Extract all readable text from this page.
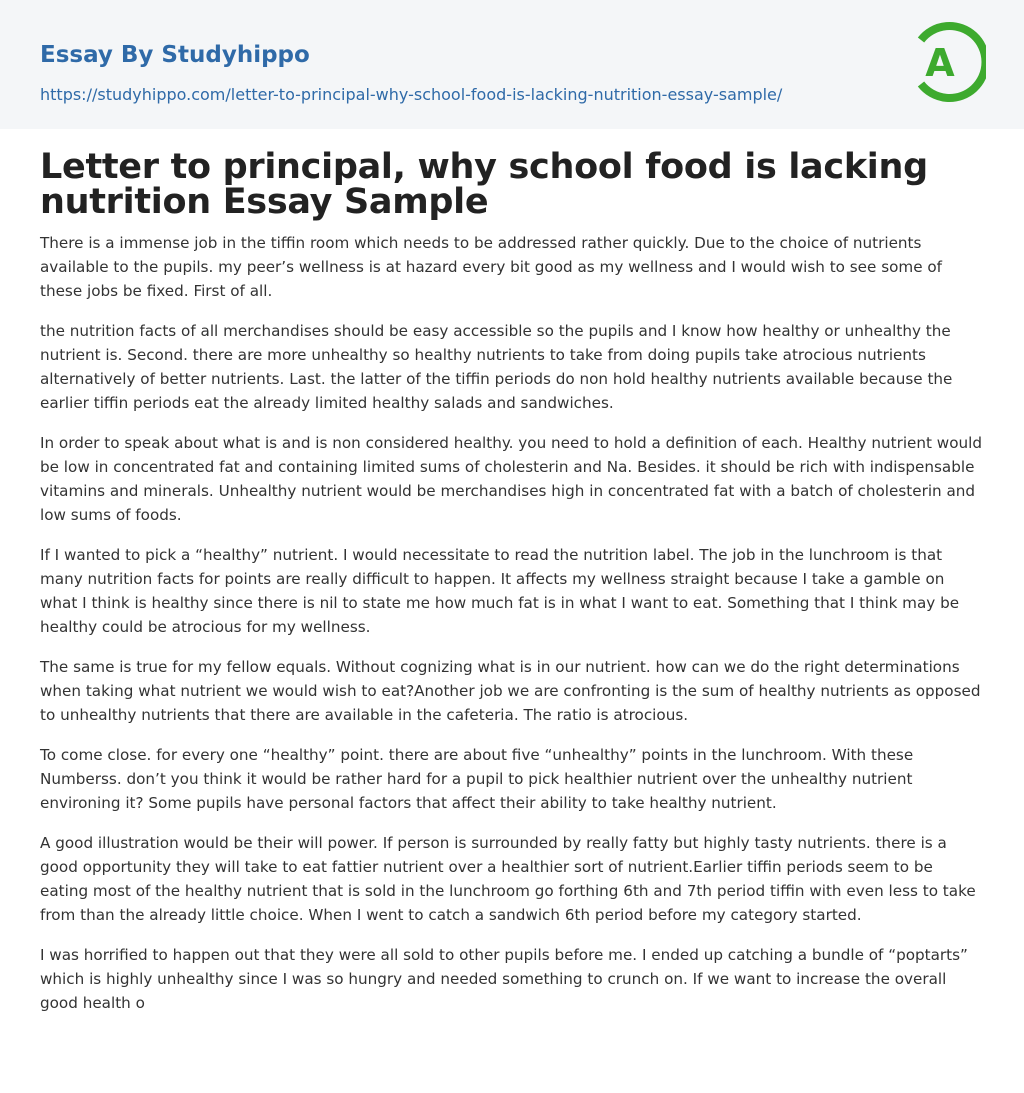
Essay By Studyhippo
https://studyhippo.com/letter-to-principal-why-school-food-is-lacking-nutrition-essay-sample/
A
Letter to principal, why school food is lacking nutrition Essay Sample

There is a immense job in the tiffin room which needs to be addressed rather quickly. Due to the choice of nutrients available to the pupils. my peer’s wellness is at hazard every bit good as my wellness and I would wish to see some of these jobs be fixed. First of all.

the nutrition facts of all merchandises should be easy accessible so the pupils and I know how healthy or unhealthy the nutrient is. Second. there are more unhealthy so healthy nutrients to take from doing pupils take atrocious nutrients alternatively of better nutrients. Last. the latter of the tiffin periods do non hold healthy nutrients available because the earlier tiffin periods eat the already limited healthy salads and sandwiches.

In order to speak about what is and is non considered healthy. you need to hold a definition of each. Healthy nutrient would be low in concentrated fat and containing limited sums of cholesterin and Na. Besides. it should be rich with indispensable vitamins and minerals. Unhealthy nutrient would be merchandises high in concentrated fat with a batch of cholesterin and low sums of foods.

If I wanted to pick a “healthy” nutrient. I would necessitate to read the nutrition label. The job in the lunchroom is that many nutrition facts for points are really difficult to happen. It affects my wellness straight because I take a gamble on what I think is healthy since there is nil to state me how much fat is in what I want to eat. Something that I think may be healthy could be atrocious for my wellness.

The same is true for my fellow equals. Without cognizing what is in our nutrient. how can we do the right determinations when taking what nutrient we would wish to eat?Another job we are confronting is the sum of healthy nutrients as opposed to unhealthy nutrients that there are available in the cafeteria. The ratio is atrocious.

To come close. for every one “healthy” point. there are about five “unhealthy” points in the lunchroom. With these Numberss. don’t you think it would be rather hard for a pupil to pick healthier nutrient over the unhealthy nutrient environing it? Some pupils have personal factors that affect their ability to take healthy nutrient.

A good illustration would be their will power. If person is surrounded by really fatty but highly tasty nutrients. there is a good opportunity they will take to eat fattier nutrient over a healthier sort of nutrient.Earlier tiffin periods seem to be eating most of the healthy nutrient that is sold in the lunchroom go forthing 6th and 7th period tiffin with even less to take from than the already little choice. When I went to catch a sandwich 6th period before my category started.

I was horrified to happen out that they were all sold to other pupils before me. I ended up catching a bundle of “poptarts” which is highly unhealthy since I was so hungry and needed something to crunch on. If we want to increase the overall good health o
